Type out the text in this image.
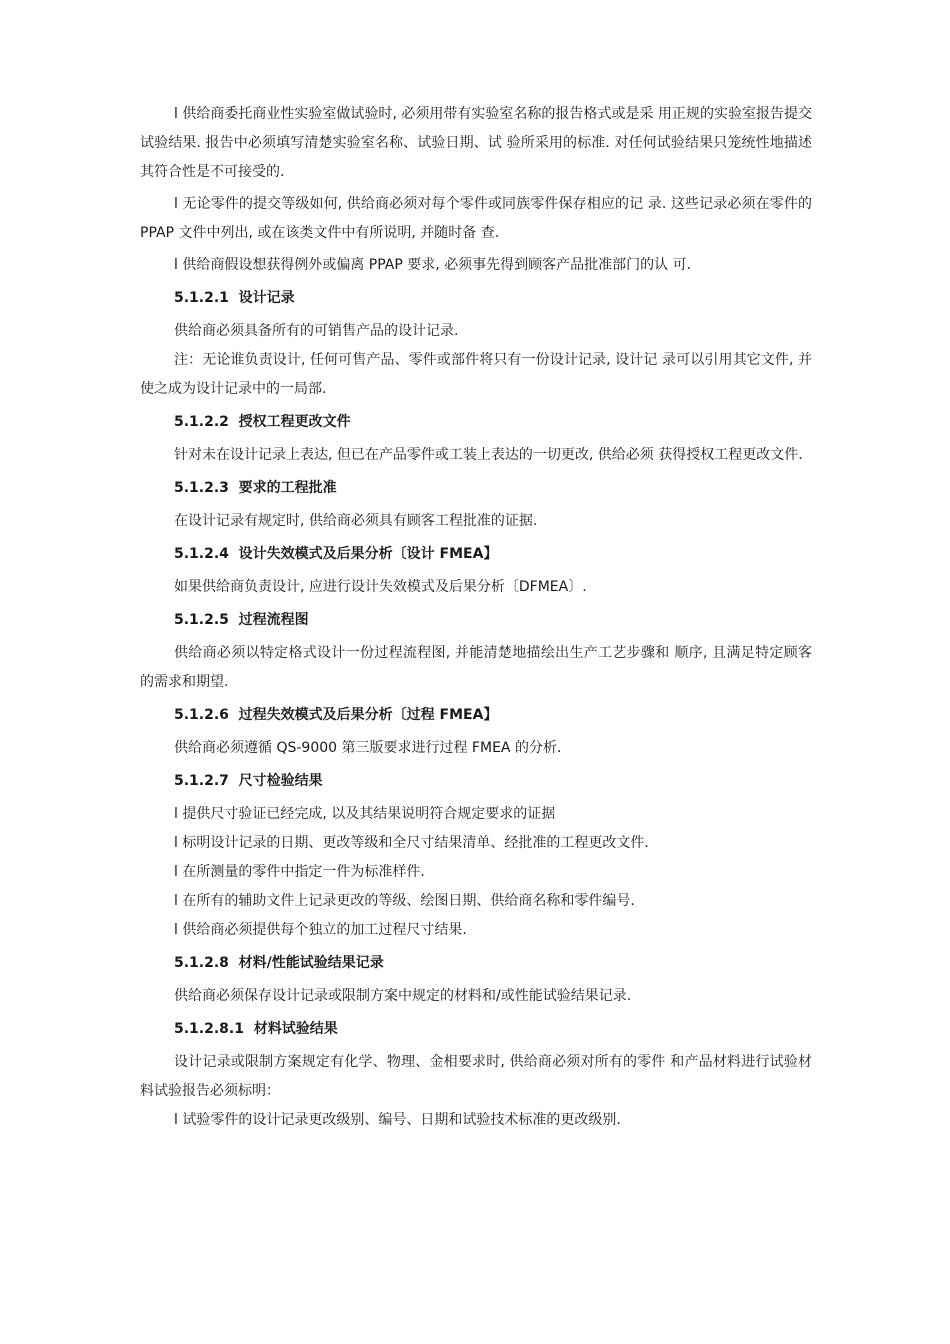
l 供给商委托商业性实验室做试验时, 必须用带有实验室名称的报告格式或是采 用正规的实验室报告提交试验结果. 报告中必须填写清楚实验室名称、试验日期、试 验所采用的标准. 对任何试验结果只笼统性地描述其符合性是不可接受的.

l 无论零件的提交等级如何, 供给商必须对每个零件或同族零件保存相应的记 录. 这些记录必须在零件的 PPAP 文件中列出, 或在该类文件中有所说明, 并随时备 查.

l 供给商假设想获得例外或偏离 PPAP 要求, 必须事先得到顾客产品批准部门的认 可.

5.1.2.1 设计记录

供给商必须具备所有的可销售产品的设计记录.

注：无论谁负责设计, 任何可售产品、零件或部件将只有一份设计记录, 设计记 录可以引用其它文件, 并使之成为设计记录中的一局部.

5.1.2.2 授权工程更改文件

针对未在设计记录上表达, 但已在产品零件或工装上表达的一切更改, 供给必须 获得授权工程更改文件.

5.1.2.3 要求的工程批准

在设计记录有规定时, 供给商必须具有顾客工程批准的证据.

5.1.2.4 设计失效模式及后果分析〔设计 FMEA】

如果供给商负责设计, 应进行设计失效模式及后果分析〔DFMEA〕.

5.1.2.5 过程流程图

供给商必须以特定格式设计一份过程流程图, 并能清楚地描绘出生产工艺步骤和 顺序, 且满足特定顾客的需求和期望.

5.1.2.6 过程失效模式及后果分析〔过程 FMEA】

供给商必须遵循 QS-9000 第三版要求进行过程 FMEA 的分析.

5.1.2.7 尺寸检验结果

l 提供尺寸验证已经完成, 以及其结果说明符合规定要求的证据

l 标明设计记录的日期、更改等级和全尺寸结果清单、经批准的工程更改文件.

l 在所测量的零件中指定一件为标准样件.

l 在所有的辅助文件上记录更改的等级、绘图日期、供给商名称和零件编号.

l 供给商必须提供每个独立的加工过程尺寸结果.

5.1.2.8 材料/性能试验结果记录

供给商必须保存设计记录或限制方案中规定的材料和/或性能试验结果记录.

5.1.2.8.1 材料试验结果

设计记录或限制方案规定有化学、物理、金相要求时, 供给商必须对所有的零件 和产品材料进行试验材料试验报告必须标明：

l 试验零件的设计记录更改级别、编号、日期和试验技术标准的更改级别.
